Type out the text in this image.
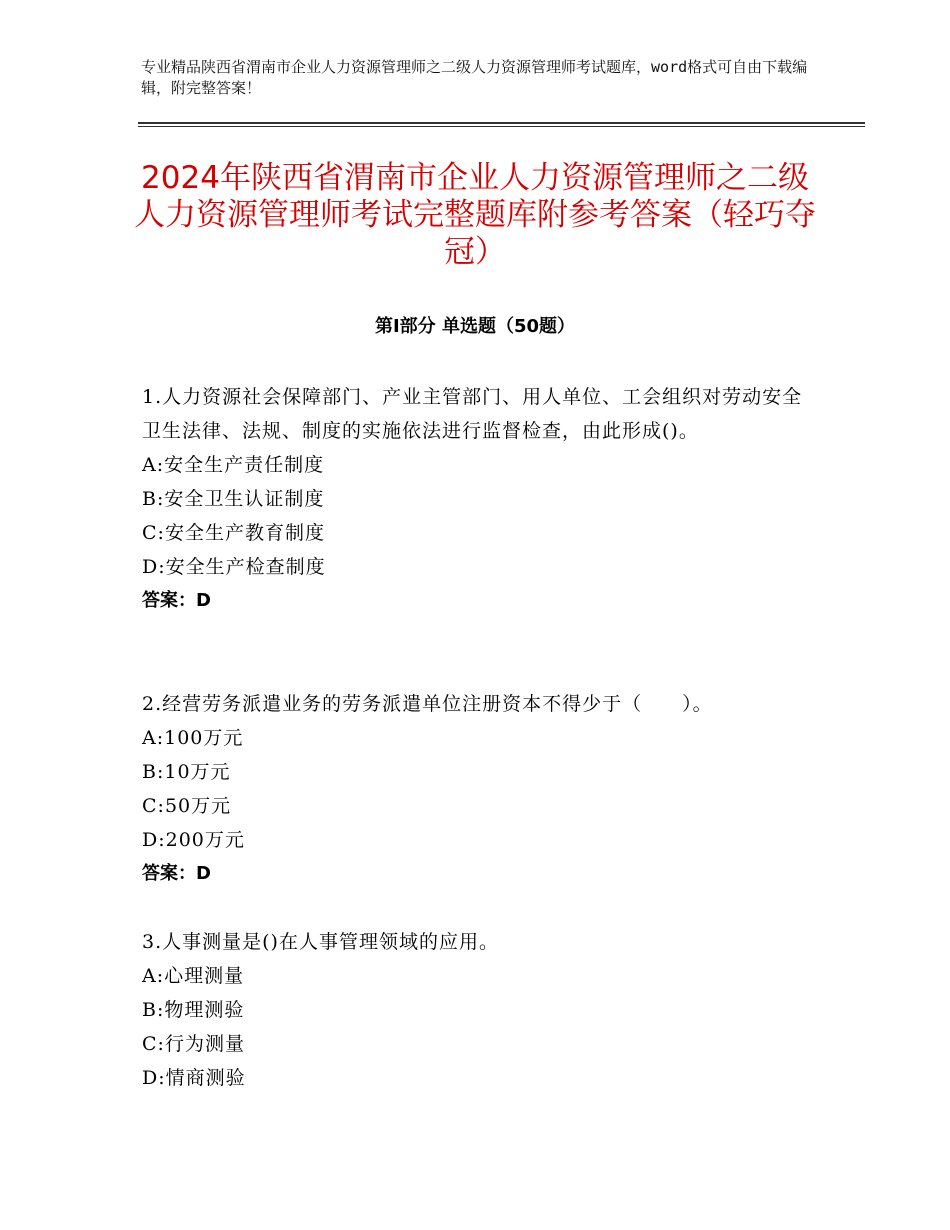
专业精品陕西省渭南市企业人力资源管理师之二级人力资源管理师考试题库，word格式可自由下载编辑，附完整答案！
2024年陕西省渭南市企业人力资源管理师之二级人力资源管理师考试完整题库附参考答案（轻巧夺冠）
第Ⅰ部分 单选题（50题）
1.人力资源社会保障部门、产业主管部门、用人单位、工会组织对劳动安全卫生法律、法规、制度的实施依法进行监督检查，由此形成()。
A:安全生产责任制度
B:安全卫生认证制度
C:安全生产教育制度
D:安全生产检查制度
答案：D
2.经营劳务派遣业务的劳务派遣单位注册资本不得少于（　　）。
A:100万元
B:10万元
C:50万元
D:200万元
答案：D
3.人事测量是()在人事管理领域的应用。
A:心理测量
B:物理测验
C:行为测量
D:情商测验
